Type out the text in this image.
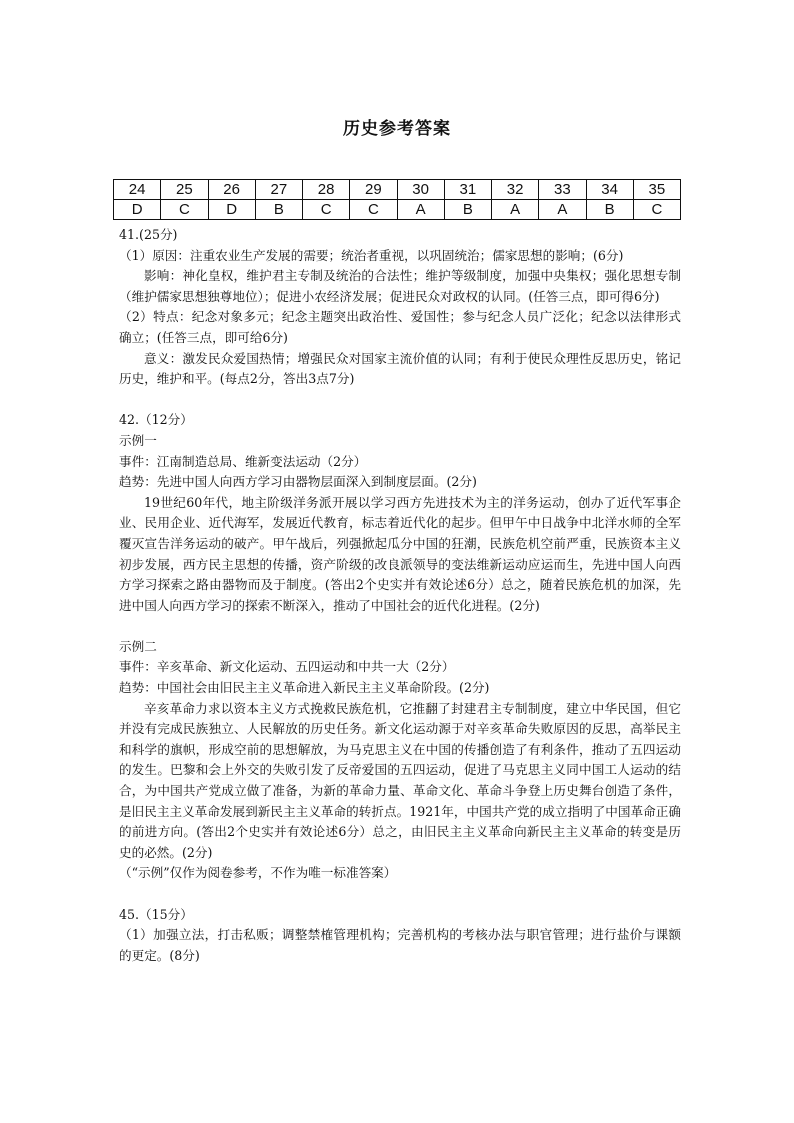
历史参考答案
24	25	26	27	28	29	30	31	32	33	34	35
D	C	D	B	C	C	A	B	A	A	B	C

41.(25分)

（1）原因：注重农业生产发展的需要；统治者重视，以巩固统治；儒家思想的影响；(6分)

影响：神化皇权，维护君主专制及统治的合法性；维护等级制度，加强中央集权；强化思想专制（维护儒家思想独尊地位）；促进小农经济发展；促进民众对政权的认同。(任答三点，即可得6分)

（2）特点：纪念对象多元；纪念主题突出政治性、爱国性；参与纪念人员广泛化；纪念以法律形式确立；(任答三点，即可给6分)

意义：激发民众爱国热情；增强民众对国家主流价值的认同；有利于使民众理性反思历史，铭记历史，维护和平。(每点2分，答出3点7分)

42.（12分）

示例一

事件：江南制造总局、维新变法运动（2分）

趋势：先进中国人向西方学习由器物层面深入到制度层面。(2分)

19世纪60年代，地主阶级洋务派开展以学习西方先进技术为主的洋务运动，创办了近代军事企业、民用企业、近代海军，发展近代教育，标志着近代化的起步。但甲午中日战争中北洋水师的全军覆灭宣告洋务运动的破产。甲午战后，列强掀起瓜分中国的狂潮，民族危机空前严重，民族资本主义初步发展，西方民主思想的传播，资产阶级的改良派领导的变法维新运动应运而生，先进中国人向西方学习探索之路由器物而及于制度。(答出2个史实并有效论述6分）总之，随着民族危机的加深，先进中国人向西方学习的探索不断深入，推动了中国社会的近代化进程。(2分)

示例二

事件：辛亥革命、新文化运动、五四运动和中共一大（2分）

趋势：中国社会由旧民主主义革命进入新民主主义革命阶段。(2分)

辛亥革命力求以资本主义方式挽救民族危机，它推翻了封建君主专制制度，建立中华民国，但它并没有完成民族独立、人民解放的历史任务。新文化运动源于对辛亥革命失败原因的反思，高举民主和科学的旗帜，形成空前的思想解放，为马克思主义在中国的传播创造了有利条件，推动了五四运动的发生。巴黎和会上外交的失败引发了反帝爱国的五四运动，促进了马克思主义同中国工人运动的结合，为中国共产党成立做了准备，为新的革命力量、革命文化、革命斗争登上历史舞台创造了条件，是旧民主主义革命发展到新民主主义革命的转折点。1921年，中国共产党的成立指明了中国革命正确的前进方向。(答出2个史实并有效论述6分）总之，由旧民主主义革命向新民主主义革命的转变是历史的必然。(2分)

（“示例”仅作为阅卷参考，不作为唯一标准答案）

45.（15分）

（1）加强立法，打击私贩；调整禁榷管理机构；完善机构的考核办法与职官管理；进行盐价与课额的更定。(8分)
